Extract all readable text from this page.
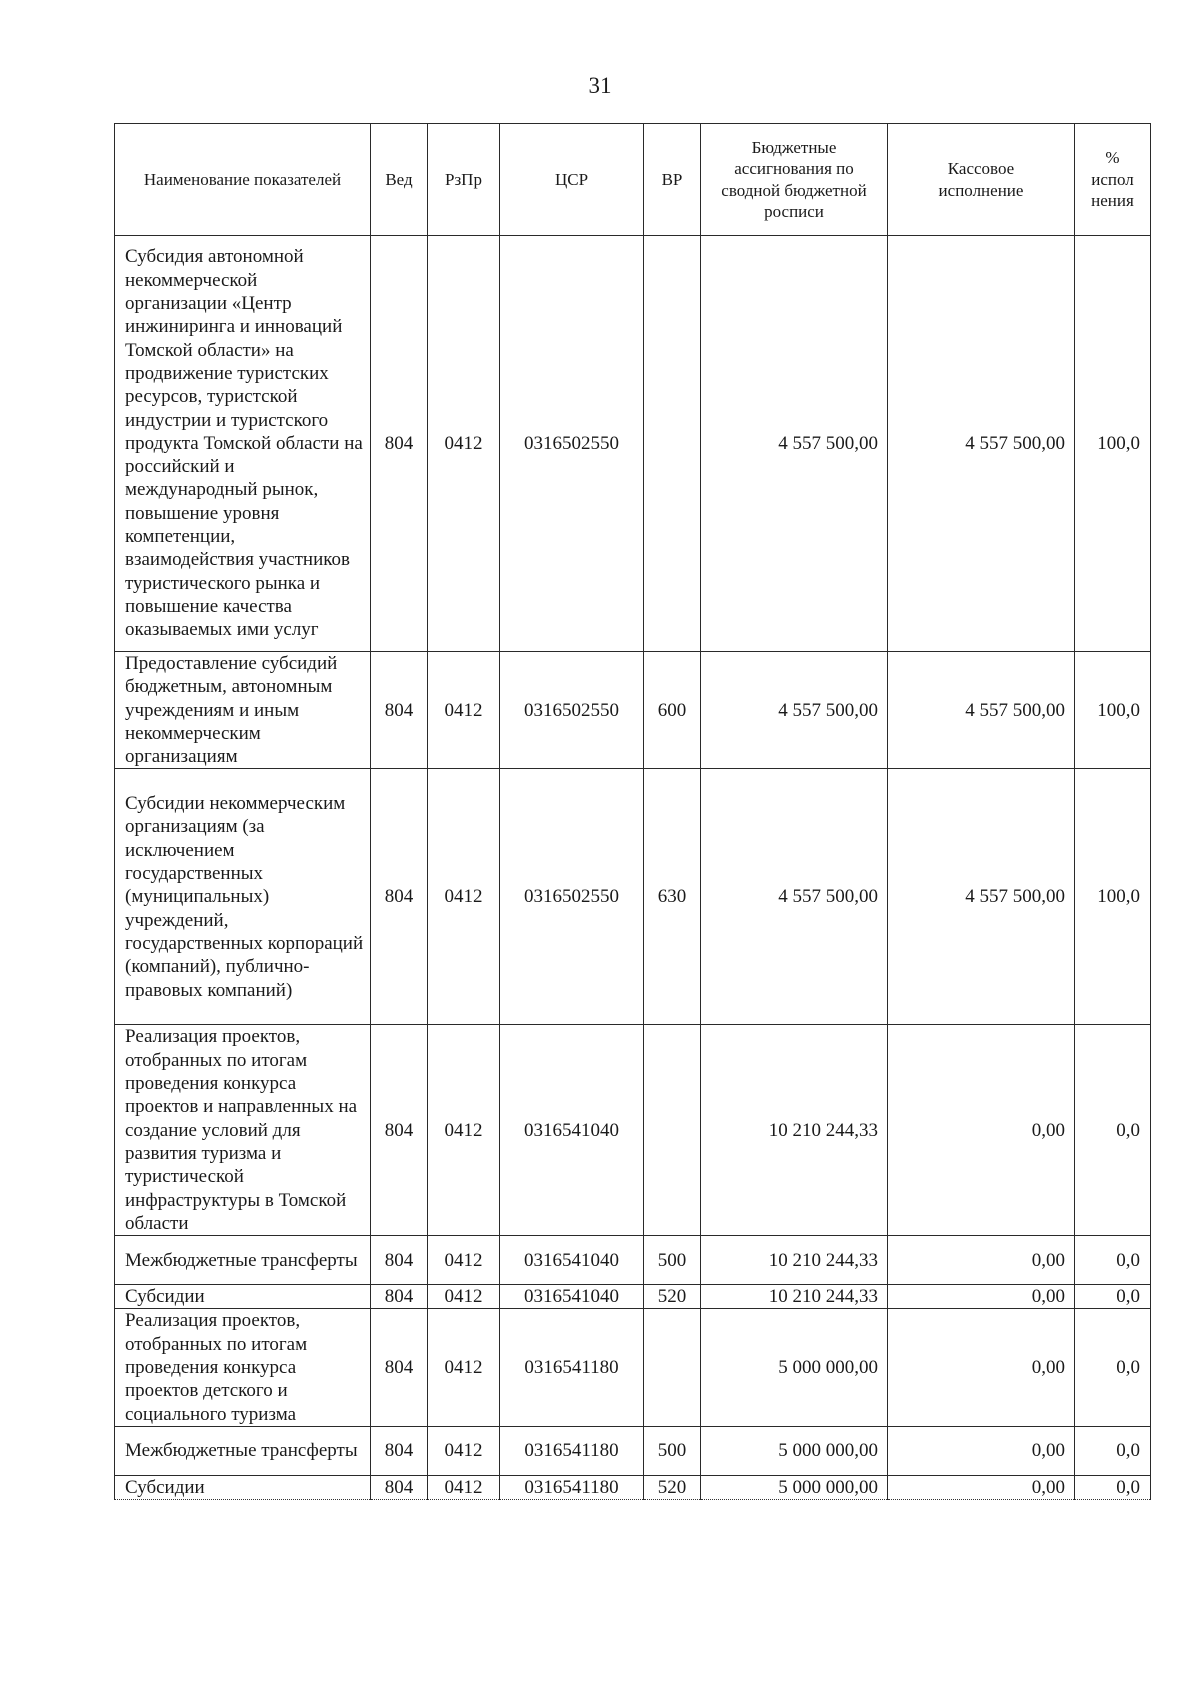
31
Наименование показателей	Вед	РзПр	ЦСР	ВР	Бюджетные ассигнования по сводной бюджетной росписи	Кассовое исполнение	% испол нения
Субсидия автономной некоммерческой организации «Центр инжиниринга и инноваций Томской области» на продвижение туристских ресурсов, туристской индустрии и туристского продукта Томской области на российский и международный рынок, повышение уровня компетенции, взаимодействия участников туристического рынка и повышение качества оказываемых ими услуг	804	0412	0316502550		4 557 500,00	4 557 500,00	100,0
Предоставление субсидий бюджетным, автономным учреждениям и иным некоммерческим организациям	804	0412	0316502550	600	4 557 500,00	4 557 500,00	100,0
Субсидии некоммерческим организациям (за исключением государственных (муниципальных) учреждений, государственных корпораций (компаний), публично-правовых компаний)	804	0412	0316502550	630	4 557 500,00	4 557 500,00	100,0
Реализация проектов, отобранных по итогам проведения конкурса проектов и направленных на создание условий для развития туризма и туристической инфраструктуры в Томской области	804	0412	0316541040		10 210 244,33	0,00	0,0
Межбюджетные трансферты	804	0412	0316541040	500	10 210 244,33	0,00	0,0
Субсидии	804	0412	0316541040	520	10 210 244,33	0,00	0,0
Реализация проектов, отобранных по итогам проведения конкурса проектов детского и социального туризма	804	0412	0316541180		5 000 000,00	0,00	0,0
Межбюджетные трансферты	804	0412	0316541180	500	5 000 000,00	0,00	0,0
Субсидии	804	0412	0316541180	520	5 000 000,00	0,00	0,0
